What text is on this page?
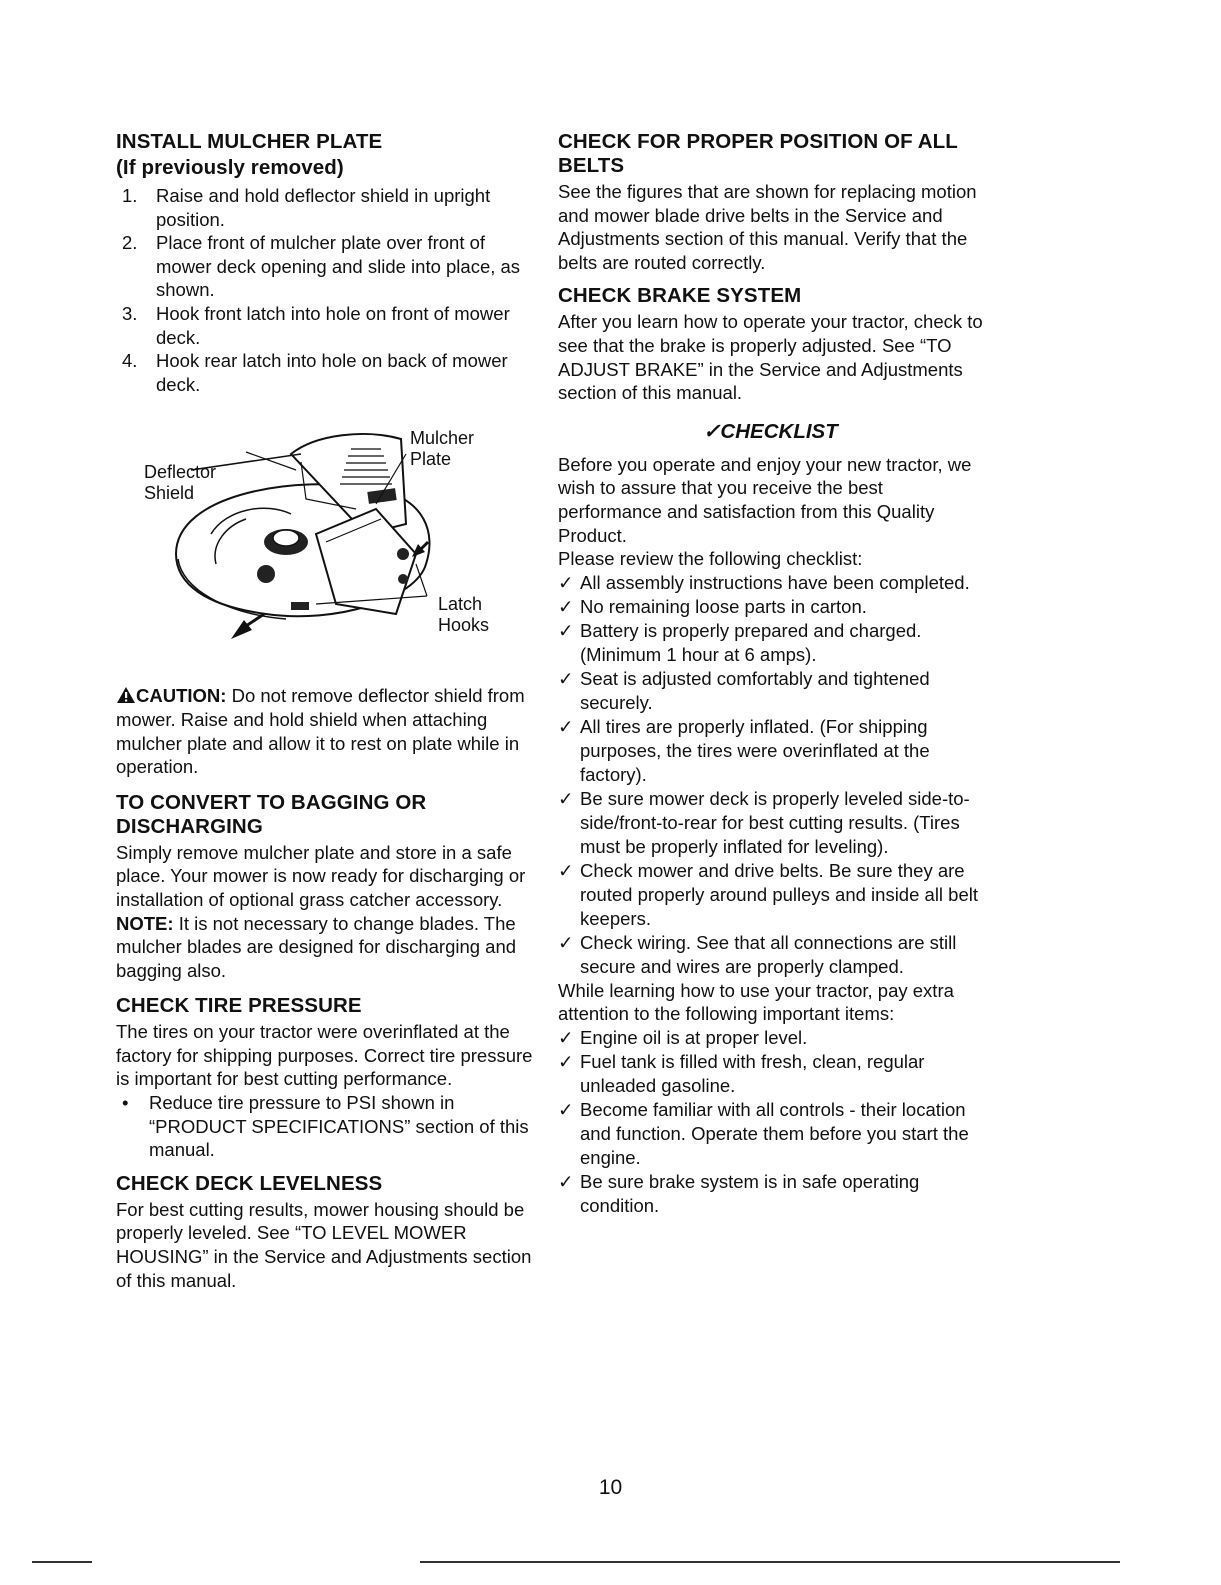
INSTALL MULCHER PLATE
(If previously removed)
1. Raise and hold deflector shield in upright position.
2. Place front of mulcher plate over front of mower deck opening and slide into place, as shown.
3. Hook front latch into hole on front of mower deck.
4. Hook rear latch into hole on back of mower deck.
Deflector
Shield
Mulcher
Plate
Latch
Hooks

CAUTION: Do not remove deflector shield from mower. Raise and hold shield when attaching mulcher plate and allow it to rest on plate while in operation.

TO CONVERT TO BAGGING OR DISCHARGING

Simply remove mulcher plate and store in a safe place. Your mower is now ready for discharging or installation of optional grass catcher accessory.

NOTE: It is not necessary to change blades. The mulcher blades are designed for discharging and bagging also.

CHECK TIRE PRESSURE

The tires on your tractor were overinflated at the factory for shipping purposes. Correct tire pressure is important for best cutting performance.

• Reduce tire pressure to PSI shown in “PRODUCT SPECIFICATIONS” section of this manual.
CHECK DECK LEVELNESS

For best cutting results, mower housing should be properly leveled. See “TO LEVEL MOWER HOUSING” in the Service and Adjustments section of this manual.

CHECK FOR PROPER POSITION OF ALL BELTS

See the figures that are shown for replacing motion and mower blade drive belts in the Service and Adjustments section of this manual. Verify that the belts are routed correctly.

CHECK BRAKE SYSTEM

After you learn how to operate your tractor, check to see that the brake is properly adjusted. See “TO ADJUST BRAKE” in the Service and Adjustments section of this manual.

✓CHECKLIST

Before you operate and enjoy your new tractor, we wish to assure that you receive the best performance and satisfaction from this Quality Product.

Please review the following checklist:

✓ All assembly instructions have been completed.
✓ No remaining loose parts in carton.
✓ Battery is properly prepared and charged. (Minimum 1 hour at 6 amps).
✓ Seat is adjusted comfortably and tightened securely.
✓ All tires are properly inflated. (For shipping purposes, the tires were overinflated at the factory).
✓ Be sure mower deck is properly leveled side-to-side/front-to-rear for best cutting results. (Tires must be properly inflated for leveling).
✓ Check mower and drive belts. Be sure they are routed properly around pulleys and inside all belt keepers.
✓ Check wiring. See that all connections are still secure and wires are properly clamped.

While learning how to use your tractor, pay extra attention to the following important items:

✓ Engine oil is at proper level.
✓ Fuel tank is filled with fresh, clean, regular unleaded gasoline.
✓ Become familiar with all controls - their location and function. Operate them before you start the engine.
✓ Be sure brake system is in safe operating condition.
10
